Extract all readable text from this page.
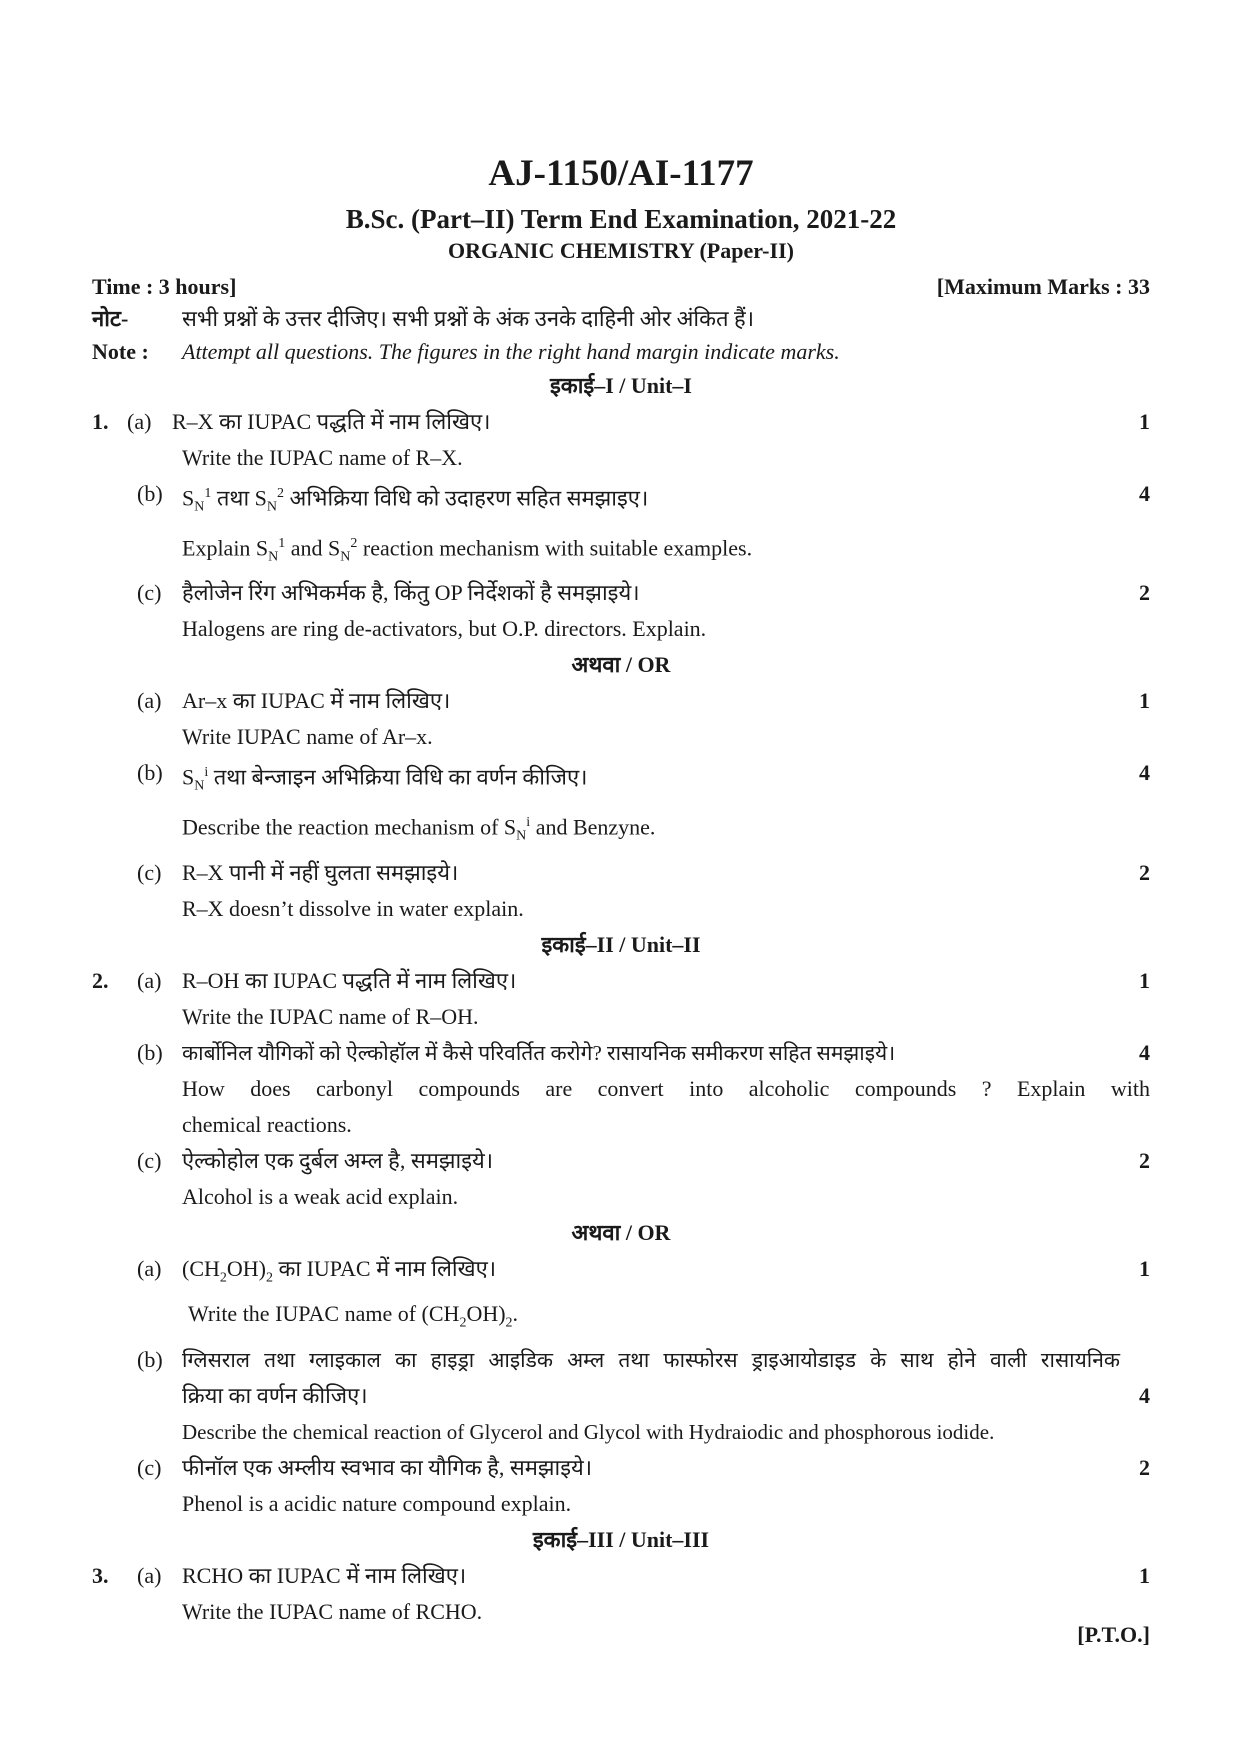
AJ-1150/AI-1177
B.Sc. (Part–II) Term End Examination, 2021-22
ORGANIC CHEMISTRY (Paper-II)
Time : 3 hours]	[Maximum Marks : 33
नोट-	सभी प्रश्नों के उत्तर दीजिए। सभी प्रश्नों के अंक उनके दाहिनी ओर अंकित हैं।
Note :	Attempt all questions. The figures in the right hand margin indicate marks.
इकाई–I / Unit–I
1. (a) R–X का IUPAC पद्धति में नाम लिखिए।	1
Write the IUPAC name of R–X.
(b) $S_N^1$ तथा $S_N^2$ अभिक्रिया विधि को उदाहरण सहित समझाइए।	4
Explain $S_N^1$ and $S_N^2$ reaction mechanism with suitable examples.
(c) हैलोजेन रिंग अभिकर्मक है, किंतु OP निर्देशकों है समझाइये।	2
Halogens are ring de-activators, but O.P. directors. Explain.
अथवा / OR
(a) Ar–x का IUPAC में नाम लिखिए।	1
Write IUPAC name of Ar–x.
(b) $S_N^i$ तथा बेन्जाइन अभिक्रिया विधि का वर्णन कीजिए।	4
Describe the reaction mechanism of $S_N^i$ and Benzyne.
(c) R–X पानी में नहीं घुलता समझाइये।	2
R–X doesn’t dissolve in water explain.
इकाई–II / Unit–II
2.	(a) R–OH का IUPAC पद्धति में नाम लिखिए।	1
Write the IUPAC name of R–OH.
(b) कार्बोनिल यौगिकों को ऐल्कोहॉल में कैसे परिवर्तित करोगे? रासायनिक समीकरण सहित समझाइये।	4
How does carbonyl compounds are convert into alcoholic compounds ? Explain with
chemical reactions.
(c) ऐल्कोहोल एक दुर्बल अम्ल है, समझाइये।	2
Alcohol is a weak acid explain.
अथवा / OR
(a) $(CH_2OH)_2$ का IUPAC में नाम लिखिए।	1
Write the IUPAC name of $(CH_2OH)_2$.
(b) ग्लिसराल तथा ग्लाइकाल का हाइड्रा आइडिक अम्ल तथा फास्फोरस ड्राइआयोडाइड के साथ होने वाली रासायनिक
क्रिया का वर्णन कीजिए।	4
Describe the chemical reaction of Glycerol and Glycol with Hydraiodic and phosphorous iodide.
(c) फीनॉल एक अम्लीय स्वभाव का यौगिक है, समझाइये।	2
Phenol is a acidic nature compound explain.
इकाई–III / Unit–III
3.	(a) RCHO का IUPAC में नाम लिखिए।	1
Write the IUPAC name of RCHO.
[P.T.O.]
